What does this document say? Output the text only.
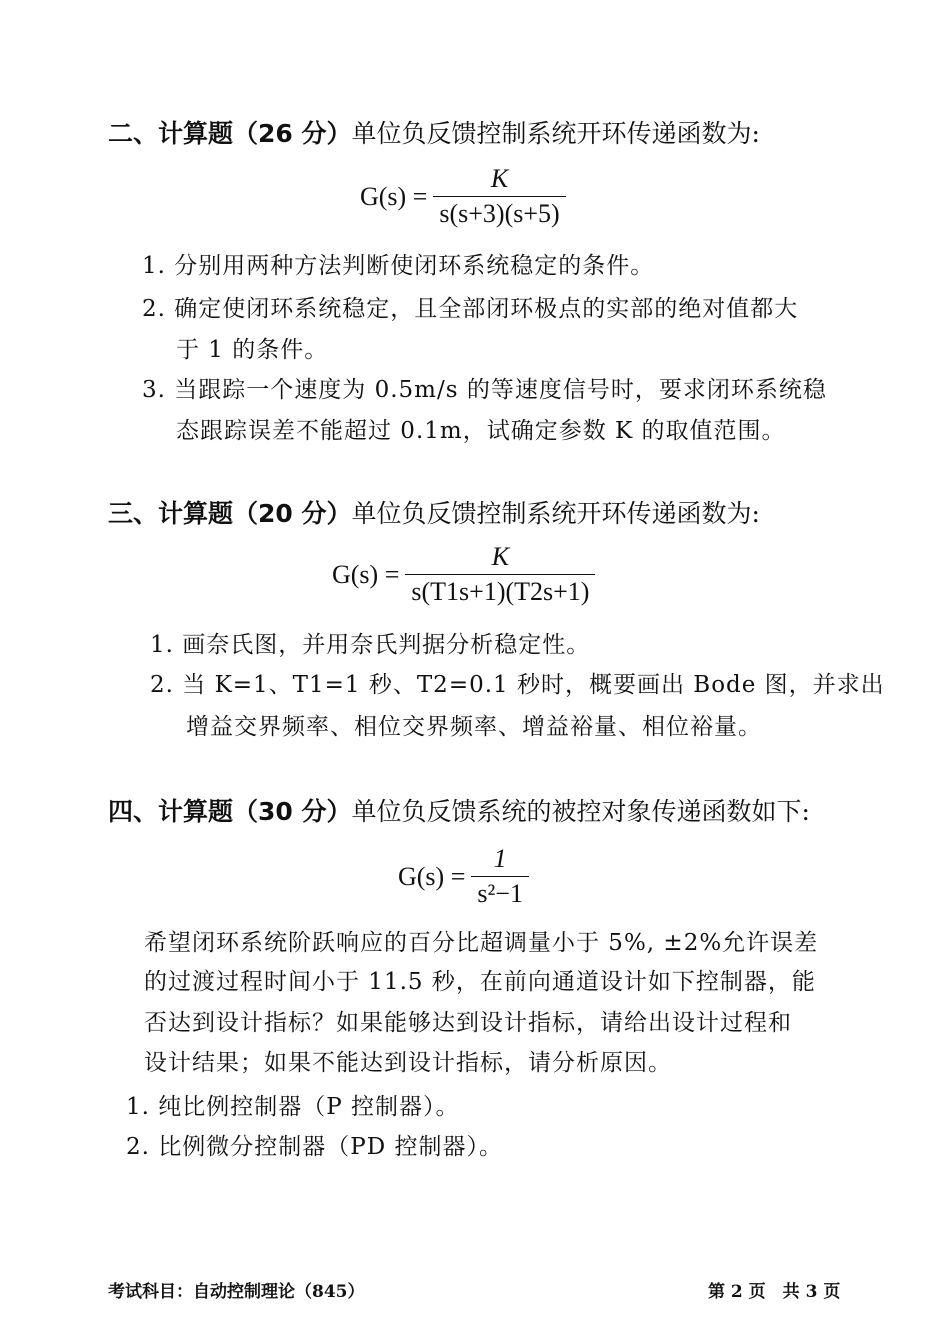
二、计算题（26 分）单位负反馈控制系统开环传递函数为:
$G(s) = \frac{K}{s(s+3)(s+5)}$
1. 分别用两种方法判断使闭环系统稳定的条件。
2. 确定使闭环系统稳定，且全部闭环极点的实部的绝对值都大
于 1 的条件。
3. 当跟踪一个速度为 0.5m/s 的等速度信号时，要求闭环系统稳
态跟踪误差不能超过 0.1m，试确定参数 K 的取值范围。
三、计算题（20 分）单位负反馈控制系统开环传递函数为:
$G(s) = \frac{K}{s(T1s+1)(T2s+1)}$
1. 画奈氏图，并用奈氏判据分析稳定性。
2. 当 K=1、T1=1 秒、T2=0.1 秒时，概要画出 Bode 图，并求出
增益交界频率、相位交界频率、增益裕量、相位裕量。
四、计算题（30 分）单位负反馈系统的被控对象传递函数如下:
$G(s) = \frac{1}{\text{s²−1}}$
希望闭环系统阶跃响应的百分比超调量小于 5%, ±2%允许误差
的过渡过程时间小于 11.5 秒，在前向通道设计如下控制器，能
否达到设计指标？如果能够达到设计指标，请给出设计过程和
设计结果；如果不能达到设计指标，请分析原因。
1. 纯比例控制器（P 控制器）。
2. 比例微分控制器（PD 控制器）。
考试科目：自动控制理论（845）	第 2 页　共 3 页
